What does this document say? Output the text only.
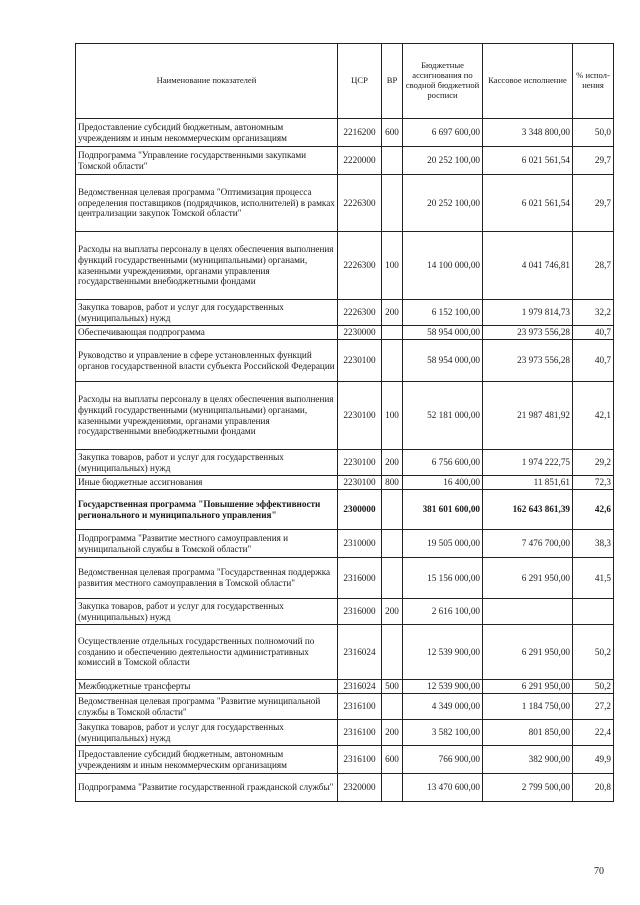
Наименование показателей	ЦСР	ВР	Бюджетные ассигнования по сводной бюджетной росписи	Кассовое исполнение	% испол-нения
Предоставление субсидий бюджетным, автономным учреждениям и иным некоммерческим организациям	2216200	600	6 697 600,00	3 348 800,00	50,0
Подпрограмма "Управление государственными закупками Томской области"	2220000		20 252 100,00	6 021 561,54	29,7
Ведомственная целевая программа "Оптимизация процесса определения поставщиков (подрядчиков, исполнителей) в рамках централизации закупок Томской области"	2226300		20 252 100,00	6 021 561,54	29,7
Расходы на выплаты персоналу в целях обеспечения выполнения функций государственными (муниципальными) органами, казенными учреждениями, органами управления государственными внебюджетными фондами	2226300	100	14 100 000,00	4 041 746,81	28,7
Закупка товаров, работ и услуг для государственных (муниципальных) нужд	2226300	200	6 152 100,00	1 979 814,73	32,2
Обеспечивающая подпрограмма	2230000		58 954 000,00	23 973 556,28	40,7
Руководство и управление в сфере установленных функций органов государственной власти субъекта Российской Федерации	2230100		58 954 000,00	23 973 556,28	40,7
Расходы на выплаты персоналу в целях обеспечения выполнения функций государственными (муниципальными) органами, казенными учреждениями, органами управления государственными внебюджетными фондами	2230100	100	52 181 000,00	21 987 481,92	42,1
Закупка товаров, работ и услуг для государственных (муниципальных) нужд	2230100	200	6 756 600,00	1 974 222,75	29,2
Иные бюджетные ассигнования	2230100	800	16 400,00	11 851,61	72,3
Государственная программа "Повышение эффективности регионального и муниципального управления"	2300000		381 601 600,00	162 643 861,39	42,6
Подпрограмма "Развитие местного самоуправления и муниципальной службы в Томской области"	2310000		19 505 000,00	7 476 700,00	38,3
Ведомственная целевая программа "Государственная поддержка развития местного самоуправления в Томской области"	2316000		15 156 000,00	6 291 950,00	41,5
Закупка товаров, работ и услуг для государственных (муниципальных) нужд	2316000	200	2 616 100,00		
Осуществление отдельных государственных полномочий по созданию и обеспечению деятельности административных комиссий в Томской области	2316024		12 539 900,00	6 291 950,00	50,2
Межбюджетные трансферты	2316024	500	12 539 900,00	6 291 950,00	50,2
Ведомственная целевая программа "Развитие муниципальной службы в Томской области"	2316100		4 349 000,00	1 184 750,00	27,2
Закупка товаров, работ и услуг для государственных (муниципальных) нужд	2316100	200	3 582 100,00	801 850,00	22,4
Предоставление субсидий бюджетным, автономным учреждениям и иным некоммерческим организациям	2316100	600	766 900,00	382 900,00	49,9
Подпрограмма "Развитие государственной гражданской службы"	2320000		13 470 600,00	2 799 500,00	20,8
70
